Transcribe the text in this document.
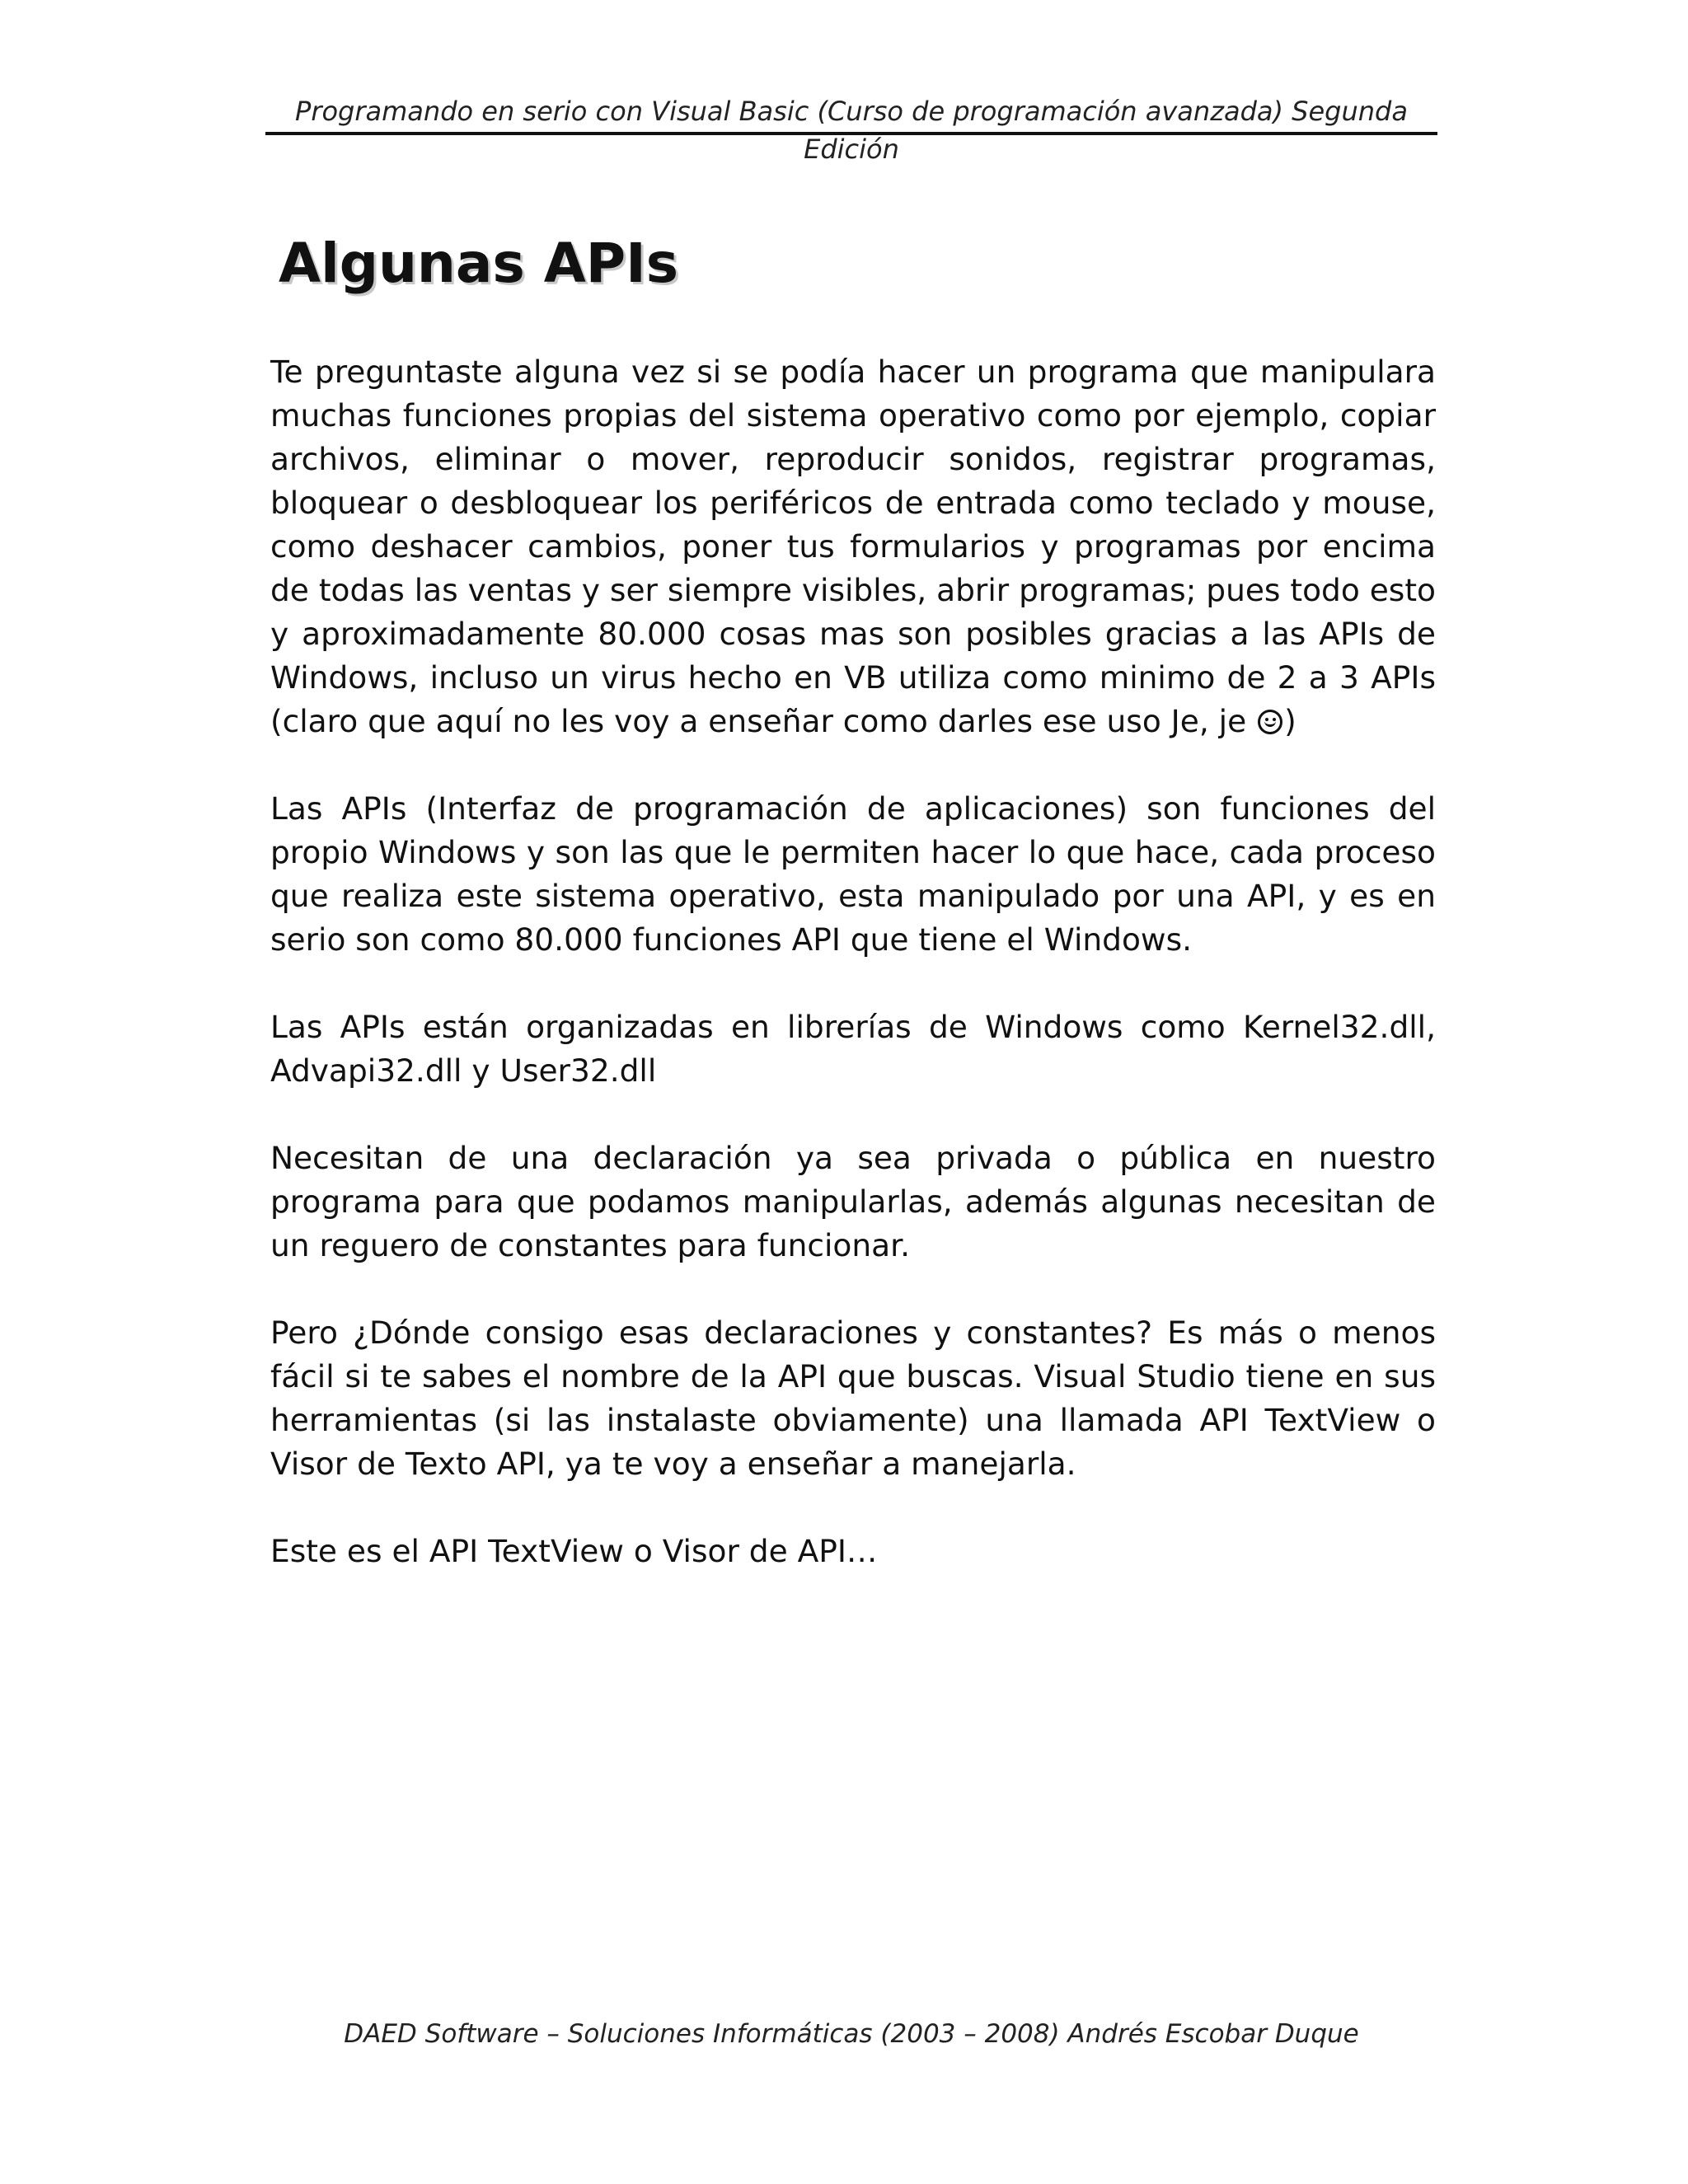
Programando en serio con Visual Basic (Curso de programación avanzada) Segunda Edición
Algunas APIs

Te preguntaste alguna vez si se podía hacer un programa que manipulara muchas funciones propias del sistema operativo como por ejemplo, copiar archivos, eliminar o mover, reproducir sonidos, registrar programas, bloquear o desbloquear los periféricos de entrada como teclado y mouse, como deshacer cambios, poner tus formularios y programas por encima de todas las ventas y ser siempre visibles, abrir programas; pues todo esto y aproximadamente 80.000 cosas mas son posibles gracias a las APIs de Windows, incluso un virus hecho en VB utiliza como minimo de 2 a 3 APIs (claro que aquí no les voy a enseñar como darles ese uso Je, je )

Las APIs (Interfaz de programación de aplicaciones) son funciones del propio Windows y son las que le permiten hacer lo que hace, cada proceso que realiza este sistema operativo, esta manipulado por una API, y es en serio son como 80.000 funciones API que tiene el Windows.

Las APIs están organizadas en librerías de Windows como Kernel32.dll, Advapi32.dll y User32.dll

Necesitan de una declaración ya sea privada o pública en nuestro programa para que podamos manipularlas, además algunas necesitan de un reguero de constantes para funcionar.

Pero ¿Dónde consigo esas declaraciones y constantes? Es más o menos fácil si te sabes el nombre de la API que buscas. Visual Studio tiene en sus herramientas (si las instalaste obviamente) una llamada API TextView o Visor de Texto API, ya te voy a enseñar a manejarla.

Este es el API TextView o Visor de API…

DAED Software – Soluciones Informáticas (2003 – 2008) Andrés Escobar Duque
